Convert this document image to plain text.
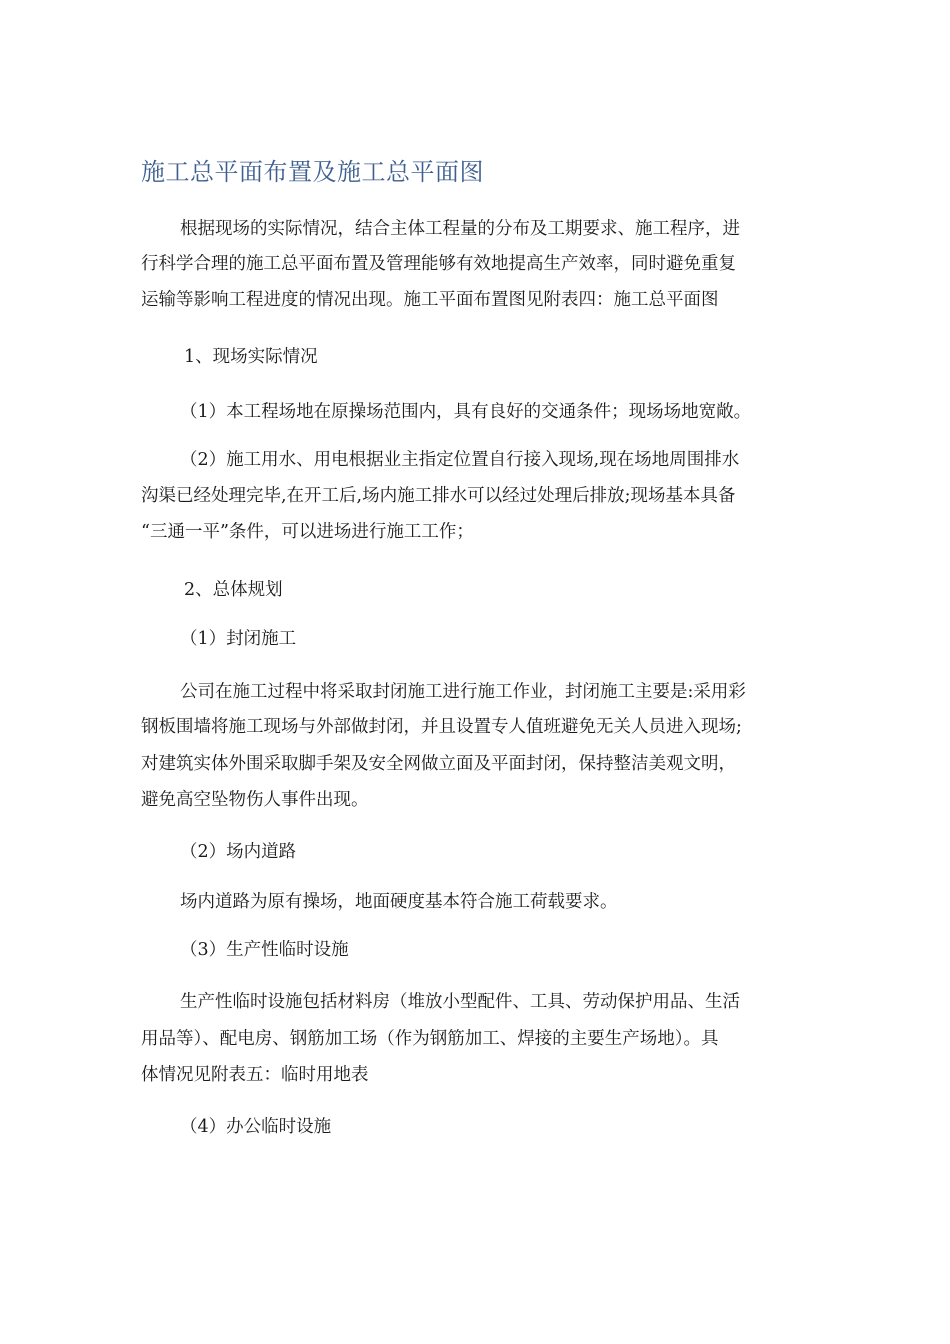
施工总平面布置及施工总平面图
根据现场的实际情况，结合主体工程量的分布及工期要求、施工程序，进
行科学合理的施工总平面布置及管理能够有效地提高生产效率，同时避免重复
运输等影响工程进度的情况出现。施工平面布置图见附表四：施工总平面图
1、现场实际情况
（1）本工程场地在原操场范围内，具有良好的交通条件；现场场地宽敞。
（2）施工用水、用电根据业主指定位置自行接入现场,现在场地周围排水
沟渠已经处理完毕,在开工后,场内施工排水可以经过处理后排放;现场基本具备
“三通一平”条件，可以进场进行施工工作；
2、总体规划
（1）封闭施工
公司在施工过程中将采取封闭施工进行施工作业，封闭施工主要是:采用彩
钢板围墙将施工现场与外部做封闭，并且设置专人值班避免无关人员进入现场;
对建筑实体外围采取脚手架及安全网做立面及平面封闭，保持整洁美观文明，
避免高空坠物伤人事件出现。
（2）场内道路
场内道路为原有操场，地面硬度基本符合施工荷载要求。
（3）生产性临时设施
生产性临时设施包括材料房（堆放小型配件、工具、劳动保护用品、生活
用品等）、配电房、钢筋加工场（作为钢筋加工、焊接的主要生产场地）。具
体情况见附表五：临时用地表
（4）办公临时设施
